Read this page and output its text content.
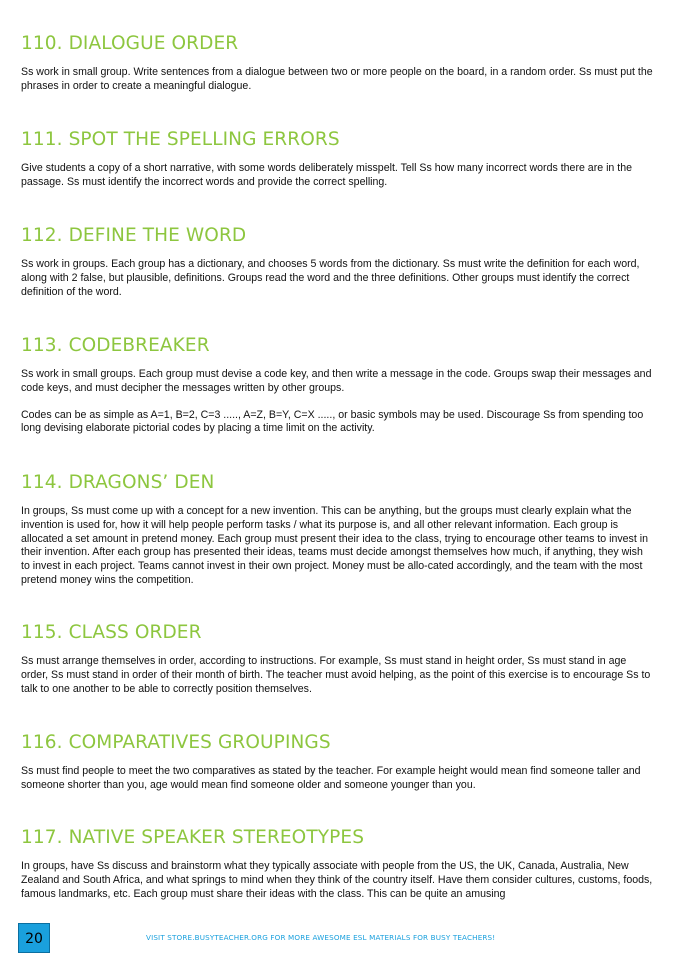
110. DIALOGUE ORDER

Ss work in small group. Write sentences from a dialogue between two or more people on the board, in a random order. Ss must put the phrases in order to create a meaningful dialogue.

111. SPOT THE SPELLING ERRORS

Give students a copy of a short narrative, with some words deliberately misspelt. Tell Ss how many incorrect words there are in the passage. Ss must identify the incorrect words and provide the correct spelling.

112. DEFINE THE WORD

Ss work in groups. Each group has a dictionary, and chooses 5 words from the dictionary. Ss must write the definition for each word, along with 2 false, but plausible, definitions. Groups read the word and the three definitions. Other groups must identify the correct definition of the word.

113. CODEBREAKER

Ss work in small groups. Each group must devise a code key, and then write a message in the code. Groups swap their messages and code keys, and must decipher the messages written by other groups.

Codes can be as simple as A=1, B=2, C=3 ....., A=Z, B=Y, C=X ....., or basic symbols may be used. Discourage Ss from spending too long devising elaborate pictorial codes by placing a time limit on the activity.

114. DRAGONS’ DEN

In groups, Ss must come up with a concept for a new invention. This can be anything, but the groups must clearly explain what the invention is used for, how it will help people perform tasks / what its purpose is, and all other relevant information. Each group is allocated a set amount in pretend money. Each group must present their idea to the class, trying to encourage other teams to invest in their invention. After each group has presented their ideas, teams must decide amongst themselves how much, if anything, they wish to invest in each project. Teams cannot invest in their own project. Money must be allo-cated accordingly, and the team with the most pretend money wins the competition.

115. CLASS ORDER

Ss must arrange themselves in order, according to instructions. For example, Ss must stand in height order, Ss must stand in age order, Ss must stand in order of their month of birth. The teacher must avoid helping, as the point of this exercise is to encourage Ss to talk to one another to be able to correctly position themselves.

116. COMPARATIVES GROUPINGS

Ss must find people to meet the two comparatives as stated by the teacher. For example height would mean find someone taller and someone shorter than you, age would mean find someone older and someone younger than you.

117. NATIVE SPEAKER STEREOTYPES

In groups, have Ss discuss and brainstorm what they typically associate with people from the US, the UK, Canada, Australia, New Zealand and South Africa, and what springs to mind when they think of the country itself. Have them consider cultures, customs, foods, famous landmarks, etc. Each group must share their ideas with the class. This can be quite an amusing

20	VISIT STORE.BUSYTEACHER.ORG FOR MORE AWESOME ESL MATERIALS FOR BUSY TEACHERS!
